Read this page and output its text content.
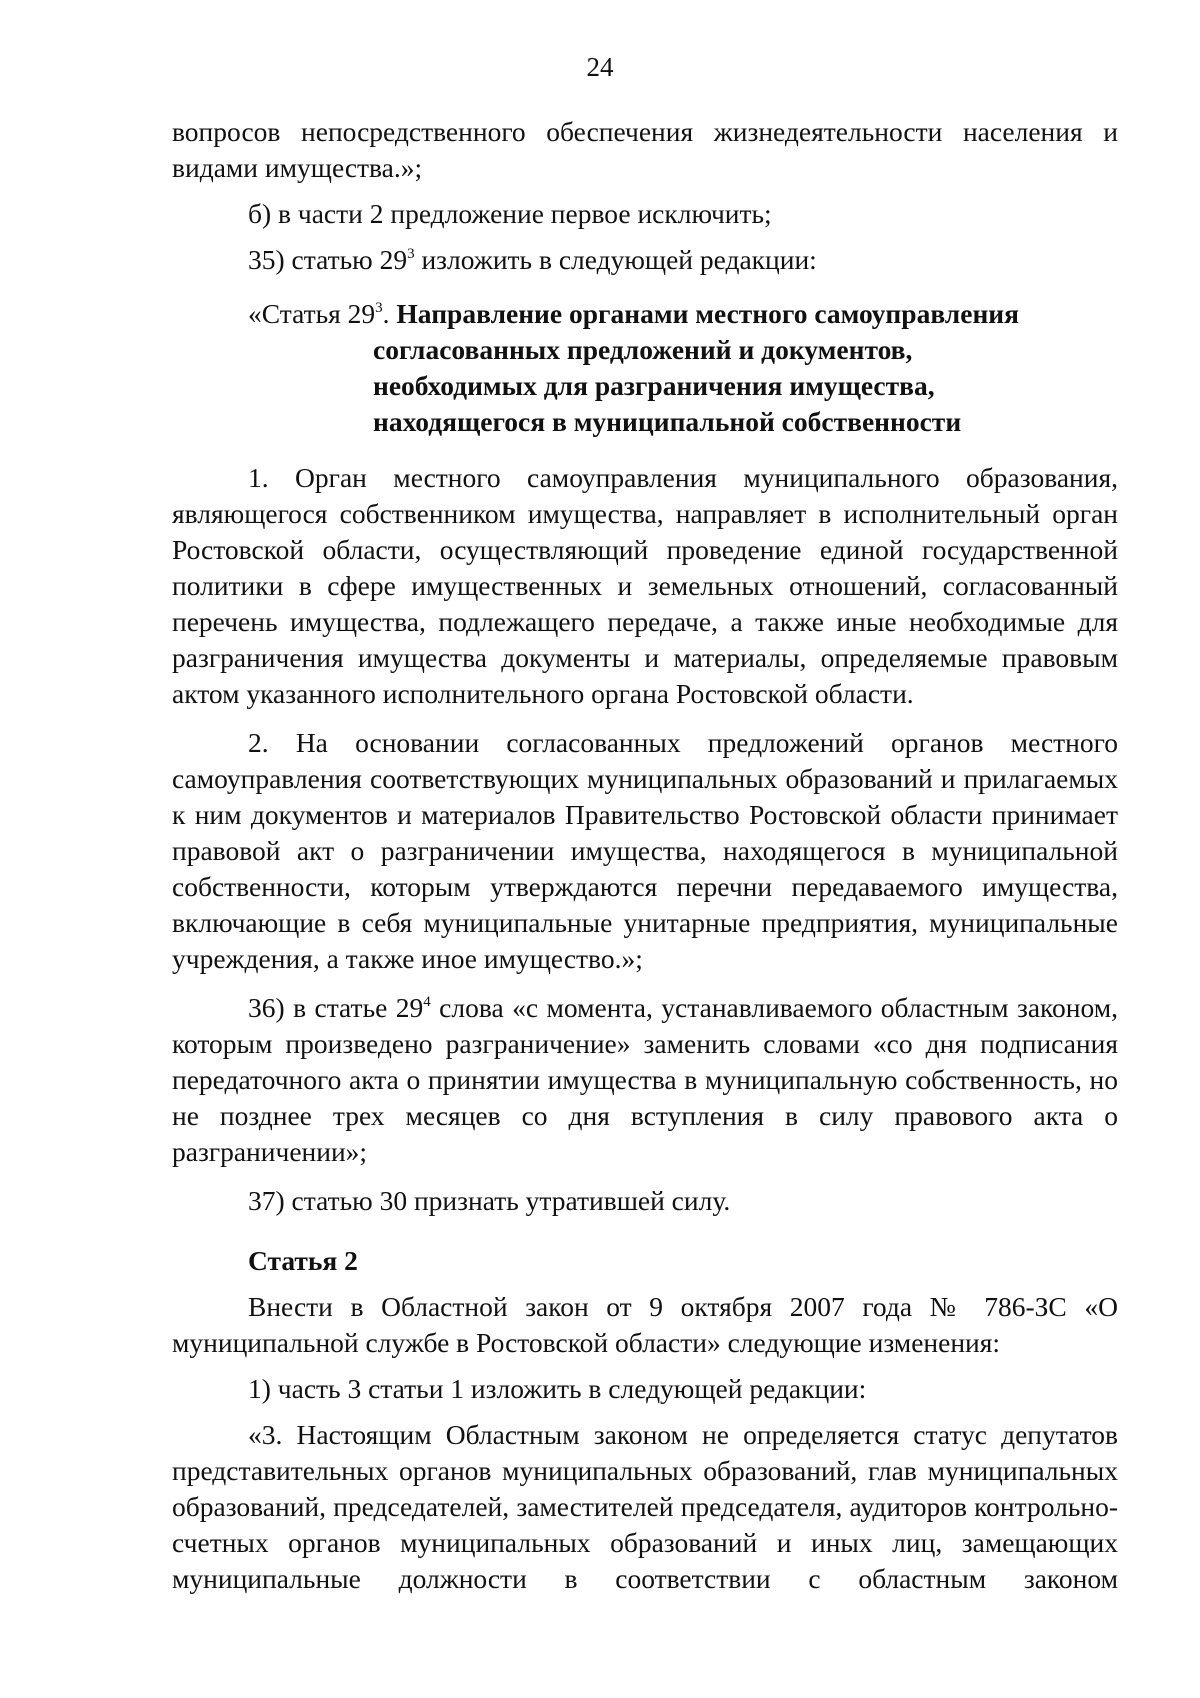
24

вопросов непосредственного обеспечения жизнедеятельности населения и видами имущества.»;

б) в части 2 предложение первое исключить;

35) статью $29^3$ изложить в следующей редакции:

«Статья $29^3$. Направление органами местного самоуправления
согласованных предложений и документов,
необходимых для разграничения имущества,
находящегося в муниципальной собственности

1. Орган местного самоуправления муниципального образования, являющегося собственником имущества, направляет в исполнительный орган Ростовской области, осуществляющий проведение единой государственной политики в сфере имущественных и земельных отношений, согласованный перечень имущества, подлежащего передаче, а также иные необходимые для разграничения имущества документы и материалы, определяемые правовым актом указанного исполнительного органа Ростовской области.

2. На основании согласованных предложений органов местного самоуправления соответствующих муниципальных образований и прилагаемых к ним документов и материалов Правительство Ростовской области принимает правовой акт о разграничении имущества, находящегося в муниципальной собственности, которым утверждаются перечни передаваемого имущества, включающие в себя муниципальные унитарные предприятия, муниципальные учреждения, а также иное имущество.»;

36) в статье $29^4$ слова «с момента, устанавливаемого областным законом, которым произведено разграничение» заменить словами «со дня подписания передаточного акта о принятии имущества в муниципальную собственность, но не позднее трех месяцев со дня вступления в силу правового акта о разграничении»;

37) статью 30 признать утратившей силу.

Статья 2

Внести в Областной закон от 9 октября 2007 года № 786-ЗС «О муниципальной службе в Ростовской области» следующие изменения:

1) часть 3 статьи 1 изложить в следующей редакции:

«3. Настоящим Областным законом не определяется статус депутатов представительных органов муниципальных образований, глав муниципальных образований, председателей, заместителей председателя, аудиторов контрольно-счетных органов муниципальных образований и иных лиц, замещающих муниципальные должности в соответствии с областным законом
